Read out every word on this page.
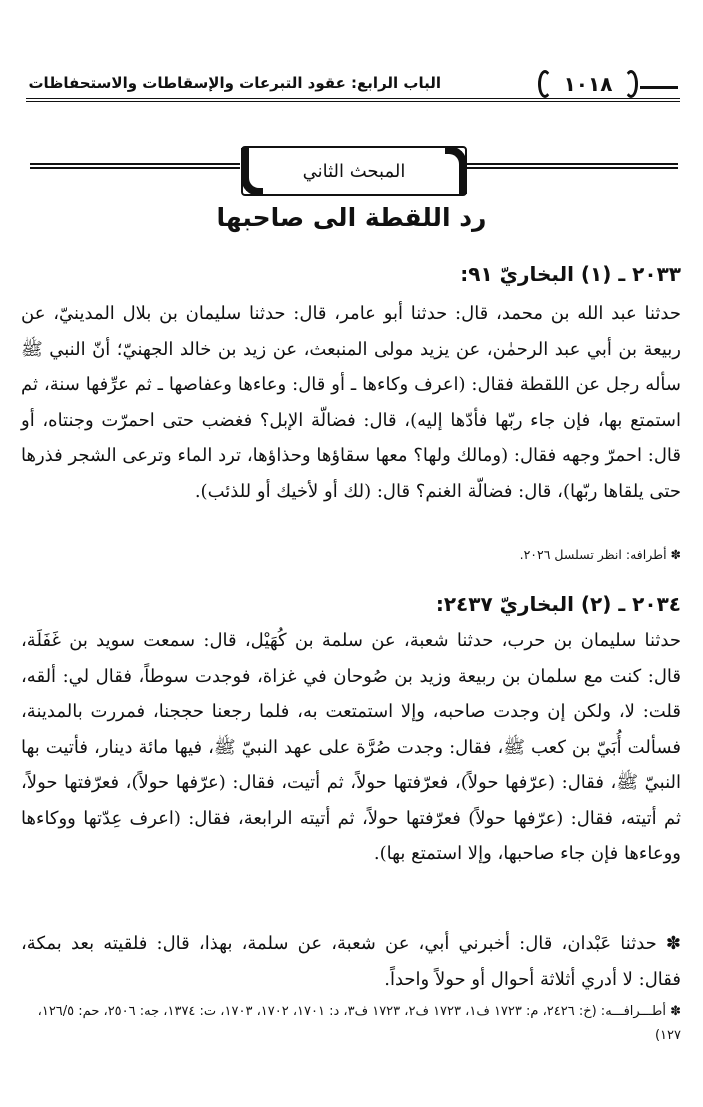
الباب الرابع: عقود التبرعات والإسقاطات والاستحفاظات	١٠١٨
المبحث الثاني
رد اللقطة الى صاحبها
٢٠٣٣ ـ (١) البخاريّ ٩١:

حدثنا عبد الله بن محمد، قال: حدثنا أبو عامر، قال: حدثنا سليمان بن بلال المدينيّ، عن ربيعة بن أبي عبد الرحمٰن، عن يزيد مولى المنبعث، عن زيد بن خالد الجهنيّ؛ أنّ النبي ﷺ سأله رجل عن اللقطة فقال: (اعرف وكاءها ـ أو قال: وعاءها وعفاصها ـ ثم عرِّفها سنة، ثم استمتع بها، فإن جاء ربّها فأدّها إليه)، قال: فضالّة الإبل؟ فغضب حتى احمرّت وجنتاه، أو قال: احمرّ وجهه فقال: (ومالك ولها؟ معها سقاؤها وحذاؤها، ترد الماء وترعى الشجر فذرها حتى يلقاها ربّها)، قال: فضالّة الغنم؟ قال: (لك أو لأخيك أو للذئب).

✽ أطرافه: انظر تسلسل ٢٠٢٦.
٢٠٣٤ ـ (٢) البخاريّ ٢٤٣٧:

حدثنا سليمان بن حرب، حدثنا شعبة، عن سلمة بن كُهَيْل، قال: سمعت سويد بن غَفَلَة، قال: كنت مع سلمان بن ربيعة وزيد بن صُوحان في غزاة، فوجدت سوطاً، فقال لي: ألقه، قلت: لا، ولكن إن وجدت صاحبه، وإلا استمتعت به، فلما رجعنا حججنا، فمررت بالمدينة، فسألت أُبَيّ بن كعب ﷺ، فقال: وجدت صُرَّة على عهد النبيّ ﷺ، فيها مائة دينار، فأتيت بها النبيّ ﷺ، فقال: (عرّفها حولاً)، فعرّفتها حولاً، ثم أتيت، فقال: (عرّفها حولاً)، فعرّفتها حولاً، ثم أتيته، فقال: (عرّفها حولاً) فعرّفتها حولاً، ثم أتيته الرابعة، فقال: (اعرف عِدّتها ووكاءها ووعاءها فإن جاء صاحبها، وإلا استمتع بها).

✽ حدثنا عَبْدان، قال: أخبرني أبي، عن شعبة، عن سلمة، بهذا، قال: فلقيته بعد بمكة، فقال: لا أدري أثلاثة أحوال أو حولاً واحداً.

✽ أطـــرافـــه: (خ: ٢٤٢٦، م: ١٧٢٣ ف١، ١٧٢٣ ف٢، ١٧٢٣ ف٣، د: ١٧٠١، ١٧٠٢، ١٧٠٣، ت: ١٣٧٤، جه: ٢٥٠٦، حم: ١٢٦/٥، ١٢٧)
